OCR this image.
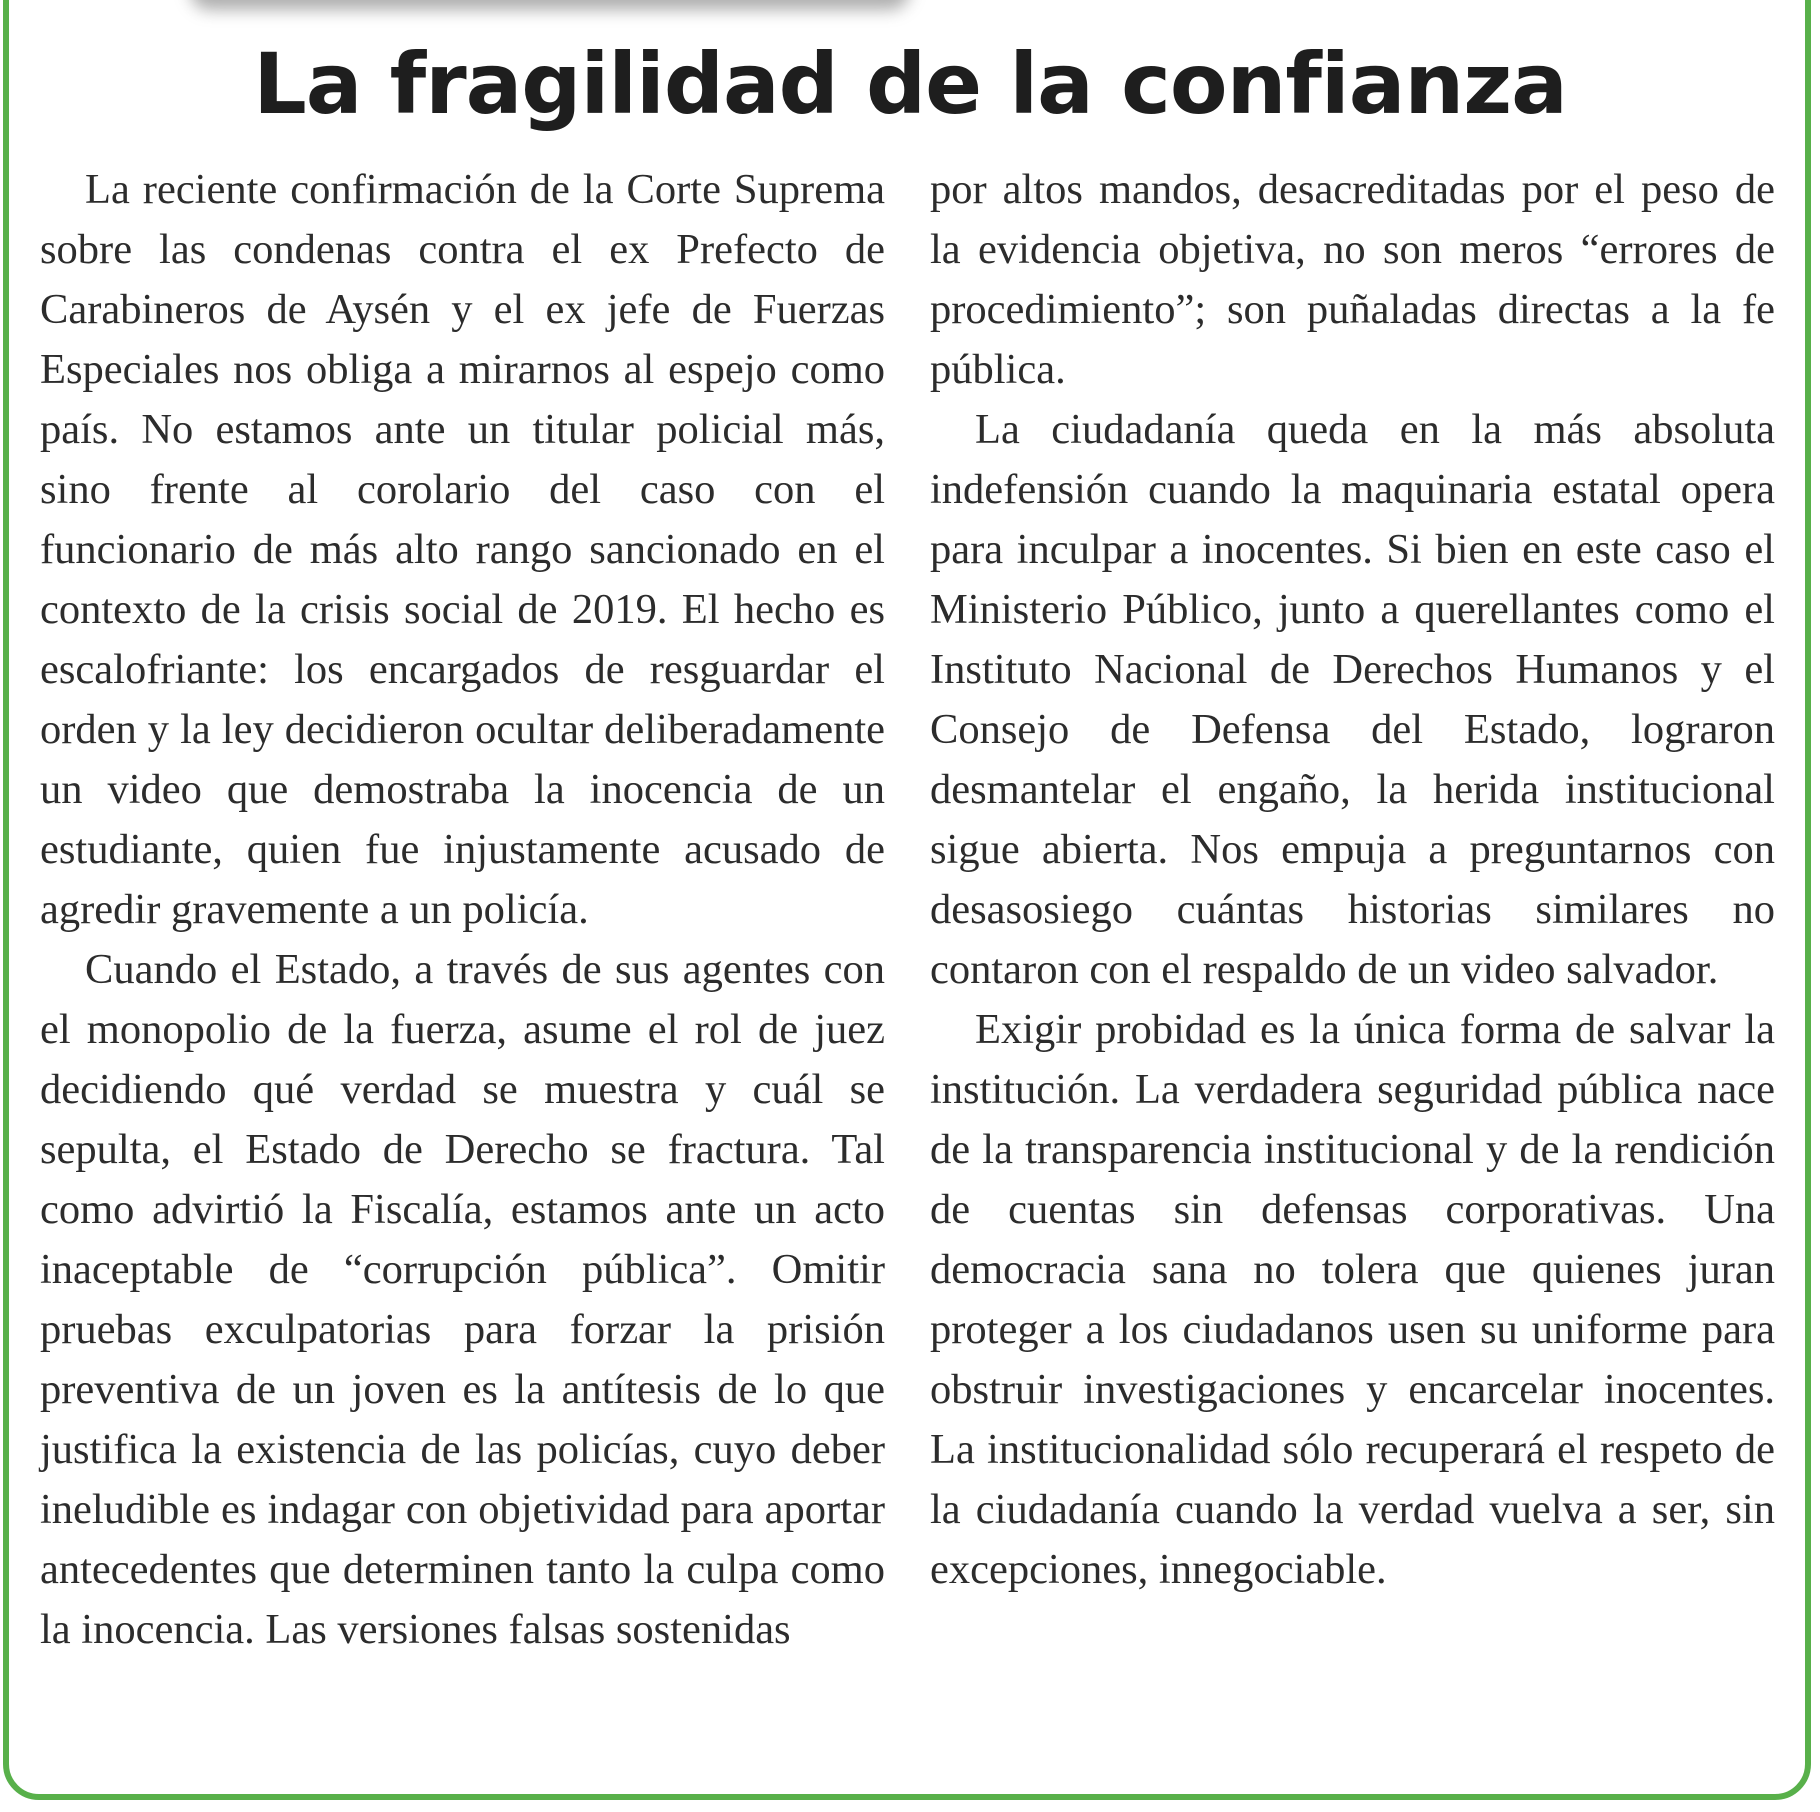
La fragilidad de la confianza

La reciente confirmación de la Corte Suprema sobre las condenas contra el ex Prefecto de Carabineros de Aysén y el ex jefe de Fuerzas Especiales nos obliga a mirarnos al espejo como país. No estamos ante un titular policial más, sino frente al corolario del caso con el funcionario de más alto rango sancionado en el contexto de la crisis social de 2019. El hecho es escalofriante: los encargados de resguardar el orden y la ley decidieron ocultar deliberadamente un video que demostraba la inocencia de un estudiante, quien fue injustamente acusado de agredir gravemente a un policía.

Cuando el Estado, a través de sus agentes con el monopolio de la fuerza, asume el rol de juez decidiendo qué verdad se muestra y cuál se sepulta, el Estado de Derecho se fractura. Tal como advirtió la Fiscalía, estamos ante un acto inaceptable de “corrupción pública”. Omitir pruebas exculpatorias para forzar la prisión preventiva de un joven es la antítesis de lo que justifica la existencia de las policías, cuyo deber ineludible es indagar con objetividad para aportar antecedentes que determinen tanto la culpa como la inocencia. Las versiones falsas sostenidas

por altos mandos, desacreditadas por el peso de la evidencia objetiva, no son meros “errores de procedimiento”; son puñaladas directas a la fe pública.

La ciudadanía queda en la más absoluta indefensión cuando la maquinaria estatal opera para inculpar a inocentes. Si bien en este caso el Ministerio Público, junto a querellantes como el Instituto Nacional de Derechos Humanos y el Consejo de Defensa del Estado, lograron desmantelar el engaño, la herida institucional sigue abierta. Nos empuja a preguntarnos con desasosiego cuántas historias similares no contaron con el respaldo de un video salvador.

Exigir probidad es la única forma de salvar la institución. La verdadera seguridad pública nace de la transparencia institucional y de la rendición de cuentas sin defensas corporativas. Una democracia sana no tolera que quienes juran proteger a los ciudadanos usen su uniforme para obstruir investigaciones y encarcelar inocentes. La institucionalidad sólo recuperará el respeto de la ciudadanía cuando la verdad vuelva a ser, sin excepciones, innegociable.
